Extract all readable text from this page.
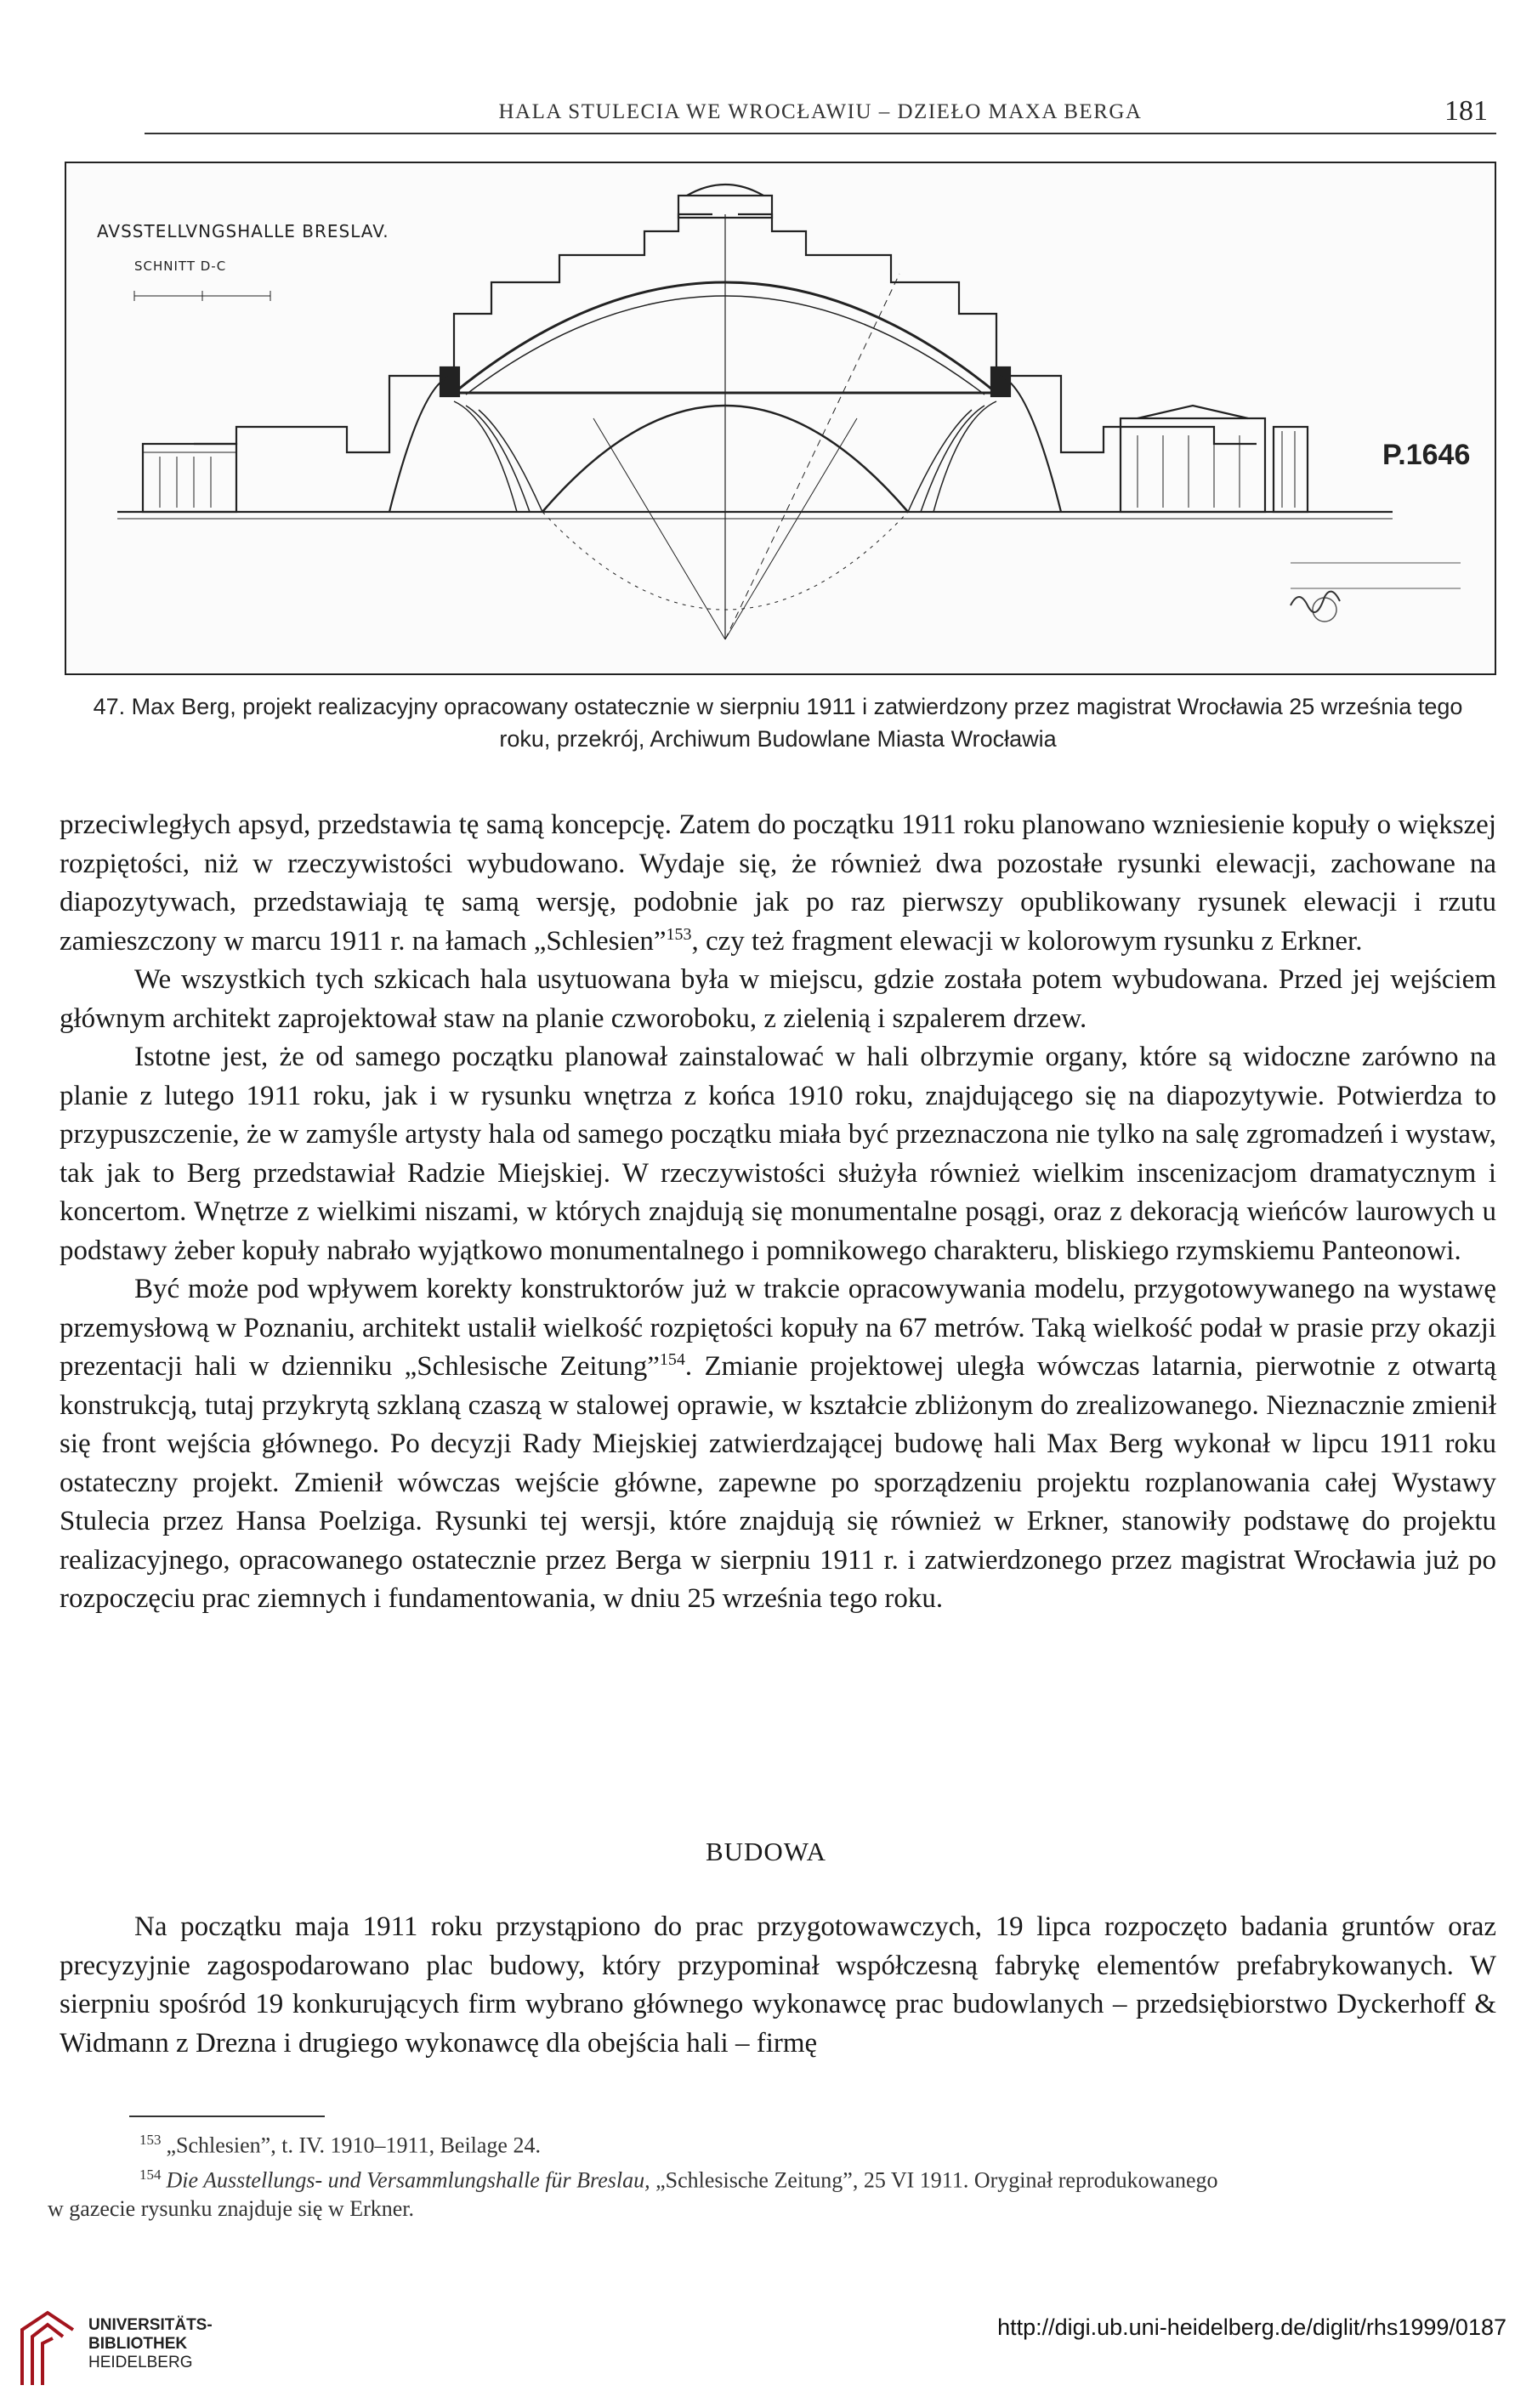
HALA STULECIA WE WROCŁAWIU – DZIEŁO MAXA BERGA	181
AVSSTELLVNGSHALLE BRESLAV.
SCHNITT D-C
P.1646
47. Max Berg, projekt realizacyjny opracowany ostatecznie w sierpniu 1911 i zatwierdzony przez magistrat Wrocławia 25 września tego roku, przekrój, Archiwum Budowlane Miasta Wrocławia

przeciwległych apsyd, przedstawia tę samą koncepcję. Zatem do początku 1911 roku planowano wzniesienie kopuły o większej rozpiętości, niż w rzeczywistości wybudowano. Wydaje się, że również dwa pozostałe rysunki elewacji, zachowane na diapozytywach, przedstawiają tę samą wersję, podobnie jak po raz pierwszy opublikowany rysunek elewacji i rzutu zamieszczony w marcu 1911 r. na łamach „Schlesien”$^{153}$, czy też fragment elewacji w kolorowym rysunku z Erkner.

We wszystkich tych szkicach hala usytuowana była w miejscu, gdzie została potem wybudowana. Przed jej wejściem głównym architekt zaprojektował staw na planie czworoboku, z zielenią i szpalerem drzew.

Istotne jest, że od samego początku planował zainstalować w hali olbrzymie organy, które są widoczne zarówno na planie z lutego 1911 roku, jak i w rysunku wnętrza z końca 1910 roku, znajdującego się na diapozytywie. Potwierdza to przypuszczenie, że w zamyśle artysty hala od samego początku miała być przeznaczona nie tylko na salę zgromadzeń i wystaw, tak jak to Berg przedstawiał Radzie Miejskiej. W rzeczywistości służyła również wielkim inscenizacjom dramatycznym i koncertom. Wnętrze z wielkimi niszami, w których znajdują się monumentalne posągi, oraz z dekoracją wieńców laurowych u podstawy żeber kopuły nabrało wyjątkowo monumentalnego i pomnikowego charakteru, bliskiego rzymskiemu Panteonowi.

Być może pod wpływem korekty konstruktorów już w trakcie opracowywania modelu, przygotowywanego na wystawę przemysłową w Poznaniu, architekt ustalił wielkość rozpiętości kopuły na 67 metrów. Taką wielkość podał w prasie przy okazji prezentacji hali w dzienniku „Schlesische Zeitung”$^{154}$. Zmianie projektowej uległa wówczas latarnia, pierwotnie z otwartą konstrukcją, tutaj przykrytą szklaną czaszą w stalowej oprawie, w kształcie zbliżonym do zrealizowanego. Nieznacznie zmienił się front wejścia głównego. Po decyzji Rady Miejskiej zatwierdzającej budowę hali Max Berg wykonał w lipcu 1911 roku ostateczny projekt. Zmienił wówczas wejście główne, zapewne po sporządzeniu projektu rozplanowania całej Wystawy Stulecia przez Hansa Poelziga. Rysunki tej wersji, które znajdują się również w Erkner, stanowiły podstawę do projektu realizacyjnego, opracowanego ostatecznie przez Berga w sierpniu 1911 r. i zatwierdzonego przez magistrat Wrocławia już po rozpoczęciu prac ziemnych i fundamentowania, w dniu 25 września tego roku.

BUDOWA

Na początku maja 1911 roku przystąpiono do prac przygotowawczych, 19 lipca rozpoczęto badania gruntów oraz precyzyjnie zagospodarowano plac budowy, który przypominał współczesną fabrykę elementów prefabrykowanych. W sierpniu spośród 19 konkurujących firm wybrano głównego wykonawcę prac budowlanych – przedsiębiorstwo Dyckerhoff & Widmann z Drezna i drugiego wykonawcę dla obejścia hali – firmę

$^{153}$ „Schlesien”, t. IV. 1910–1911, Beilage 24.

$^{154}$ Die Ausstellungs- und Versammlungshalle für Breslau, „Schlesische Zeitung”, 25 VI 1911. Oryginał reprodukowanego

w gazecie rysunku znajduje się w Erkner.

UNIVERSITÄTS-
BIBLIOTHEK
HEIDELBERG
http://digi.ub.uni-heidelberg.de/diglit/rhs1999/0187
